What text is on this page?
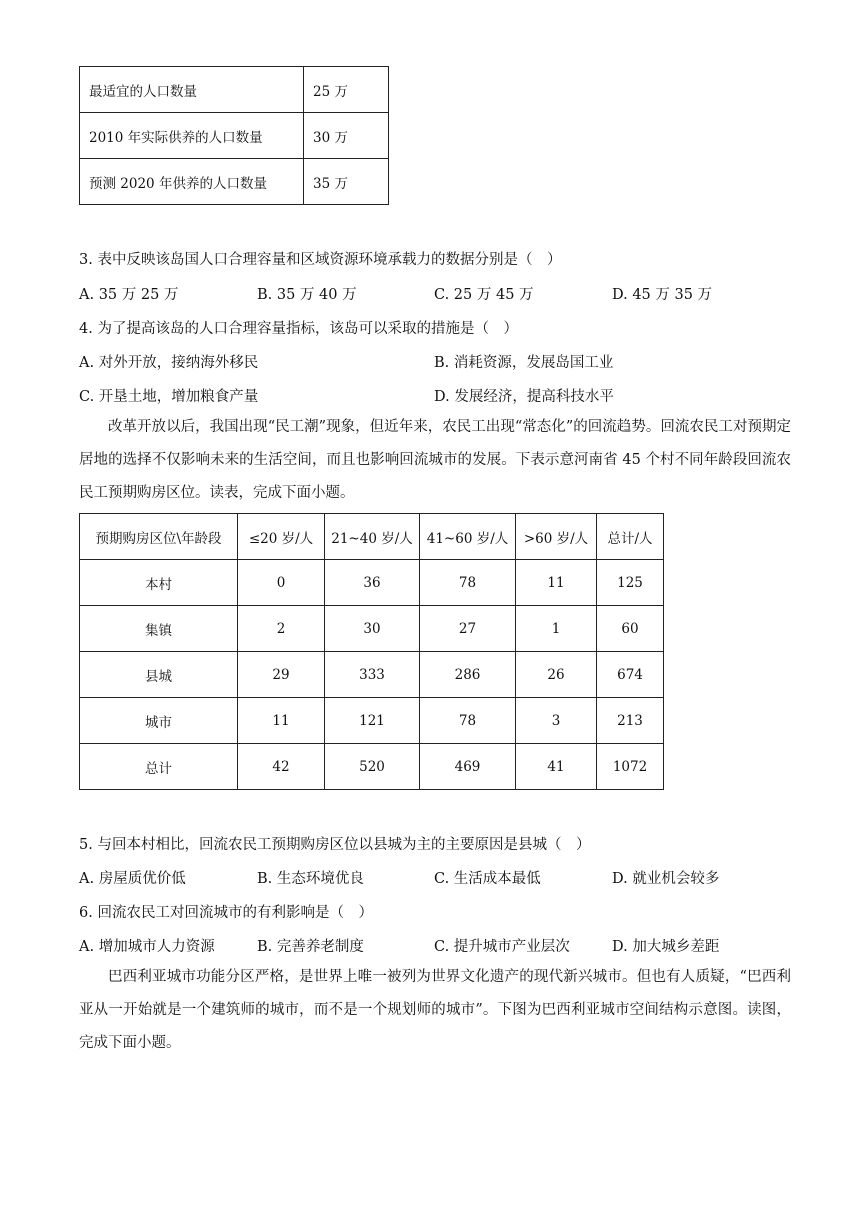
最适宜的人口数量	25 万
2010 年实际供养的人口数量	30 万
预测 2020 年供养的人口数量	35 万
3. 表中反映该岛国人口合理容量和区域资源环境承载力的数据分别是（　）
A. 35 万 25 万	B. 35 万 40 万	C. 25 万 45 万	D. 45 万 35 万
4. 为了提高该岛的人口合理容量指标，该岛可以采取的措施是（　）
A. 对外开放，接纳海外移民	B. 消耗资源，发展岛国工业
C. 开垦土地，增加粮食产量	D. 发展经济，提高科技水平
改革开放以后，我国出现“民工潮”现象，但近年来，农民工出现“常态化”的回流趋势。回流农民工对预期定居地的选择不仅影响未来的生活空间，而且也影响回流城市的发展。下表示意河南省 45 个村不同年龄段回流农民工预期购房区位。读表，完成下面小题。
预期购房区位\年龄段	≤20 岁/人	21~40 岁/人	41~60 岁/人	>60 岁/人	总计/人
本村	0	36	78	11	125
集镇	2	30	27	1	60
县城	29	333	286	26	674
城市	11	121	78	3	213
总计	42	520	469	41	1072
5. 与回本村相比，回流农民工预期购房区位以县城为主的主要原因是县城（　）
A. 房屋质优价低	B. 生态环境优良	C. 生活成本最低	D. 就业机会较多
6. 回流农民工对回流城市的有利影响是（　）
A. 增加城市人力资源	B. 完善养老制度	C. 提升城市产业层次	D. 加大城乡差距
巴西利亚城市功能分区严格，是世界上唯一被列为世界文化遗产的现代新兴城市。但也有人质疑，“巴西利亚从一开始就是一个建筑师的城市，而不是一个规划师的城市”。下图为巴西利亚城市空间结构示意图。读图，完成下面小题。
